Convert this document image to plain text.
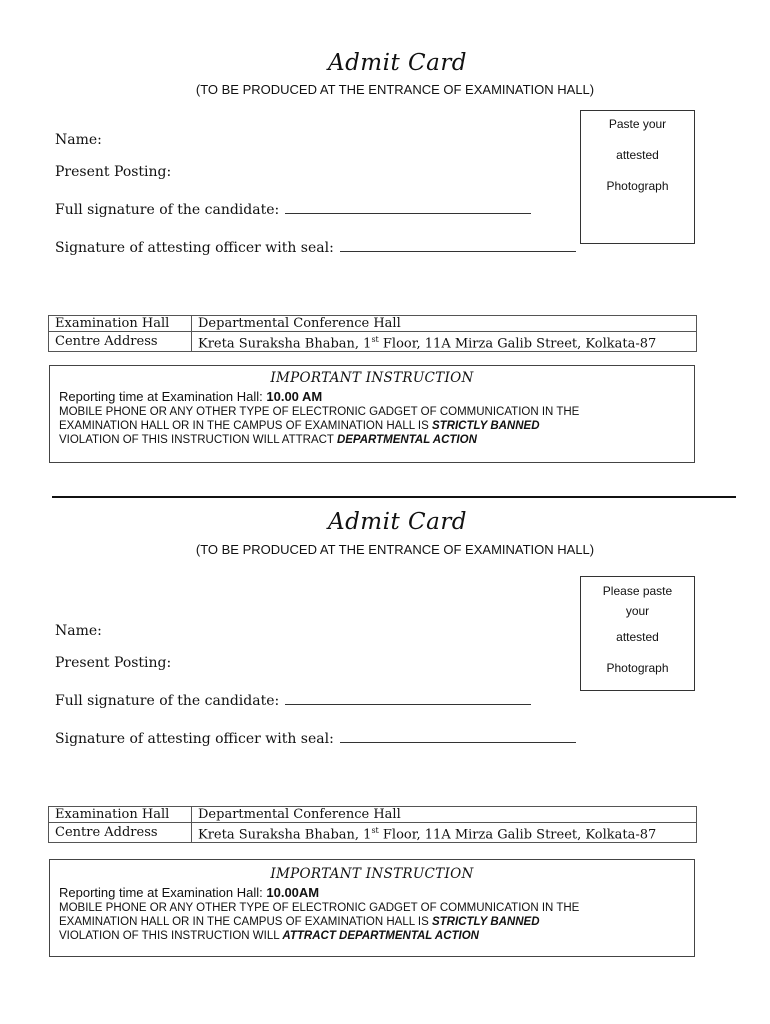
Admit Card
(TO BE PRODUCED AT THE ENTRANCE OF EXAMINATION HALL)
Paste your
attested
Photograph
Name:
Present Posting:
Full signature of the candidate:
Signature of attesting officer with seal:
Examination Hall	Departmental Conference Hall
Centre Address	Kreta Suraksha Bhaban, 1st Floor, 11A Mirza Galib Street, Kolkata-87
IMPORTANT INSTRUCTION
Reporting time at Examination Hall: 10.00 AM
MOBILE PHONE OR ANY OTHER TYPE OF ELECTRONIC GADGET OF COMMUNICATION IN THE
EXAMINATION HALL OR IN THE CAMPUS OF EXAMINATION HALL IS STRICTLY BANNED
VIOLATION OF THIS INSTRUCTION WILL ATTRACT DEPARTMENTAL ACTION
Admit Card
(TO BE PRODUCED AT THE ENTRANCE OF EXAMINATION HALL)
Please paste
your
attested
Photograph
Name:
Present Posting:
Full signature of the candidate:
Signature of attesting officer with seal:
Examination Hall	Departmental Conference Hall
Centre Address	Kreta Suraksha Bhaban, 1st Floor, 11A Mirza Galib Street, Kolkata-87
IMPORTANT INSTRUCTION
Reporting time at Examination Hall: 10.00AM
MOBILE PHONE OR ANY OTHER TYPE OF ELECTRONIC GADGET OF COMMUNICATION IN THE
EXAMINATION HALL OR IN THE CAMPUS OF EXAMINATION HALL IS STRICTLY BANNED
VIOLATION OF THIS INSTRUCTION WILL ATTRACT DEPARTMENTAL ACTION
